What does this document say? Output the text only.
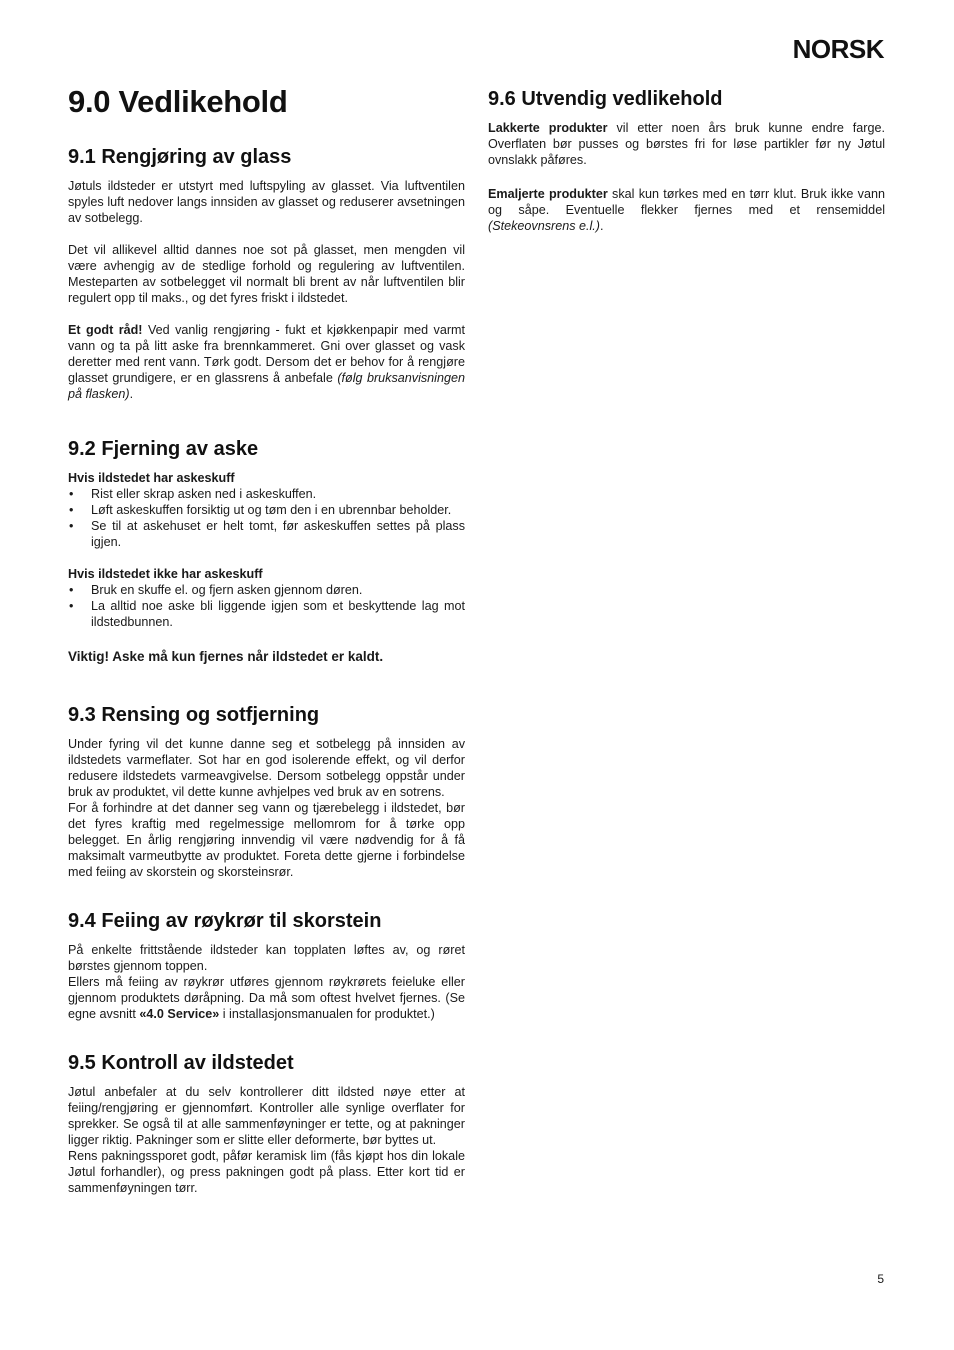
NORSK
9.0 Vedlikehold
9.1 Rengjøring av glass

Jøtuls ildsteder er utstyrt med luftspyling av glasset. Via luftventilen spyles luft nedover langs innsiden av glasset og reduserer avsetningen av sotbelegg.

Det vil allikevel alltid dannes noe sot på glasset, men mengden vil være avhengig av de stedlige forhold og regulering av luftventilen. Mesteparten av sotbelegget vil normalt bli brent av når luftventilen blir regulert opp til maks., og det fyres friskt i ildstedet.

Et godt råd! Ved vanlig rengjøring - fukt et kjøkkenpapir med varmt vann og ta på litt aske fra brennkammeret. Gni over glasset og vask deretter med rent vann. Tørk godt. Dersom det er behov for å rengjøre glasset grundigere, er en glassrens å anbefale (følg bruksanvisningen på flasken).

9.2 Fjerning av aske

Hvis ildstedet har askeskuff

• Rist eller skrap asken ned i askeskuffen.
• Løft askeskuffen forsiktig ut og tøm den i en ubrennbar beholder.
• Se til at askehuset er helt tomt, før askeskuffen settes på plass igjen.

Hvis ildstedet ikke har askeskuff

• Bruk en skuffe el. og fjern asken gjennom døren.
• La alltid noe aske bli liggende igjen som et beskyttende lag mot ildstedbunnen.

Viktig! Aske må kun fjernes når ildstedet er kaldt.

9.3 Rensing og sotfjerning

Under fyring vil det kunne danne seg et sotbelegg på innsiden av ildstedets varmeflater. Sot har en god isolerende effekt, og vil derfor redusere ildstedets varmeavgivelse. Dersom sotbelegg oppstår under bruk av produktet, vil dette kunne avhjelpes ved bruk av en sotrens.

For å forhindre at det danner seg vann og tjærebelegg i ildstedet, bør det fyres kraftig med regelmessige mellomrom for å tørke opp belegget. En årlig rengjøring innvendig vil være nødvendig for å få maksimalt varmeutbytte av produktet. Foreta dette gjerne i forbindelse med feiing av skorstein og skorsteinsrør.

9.4 Feiing av røykrør til skorstein

På enkelte frittstående ildsteder kan topplaten løftes av, og røret børstes gjennom toppen.

Ellers må feiing av røykrør utføres gjennom røykrørets feieluke eller gjennom produktets døråpning. Da må som oftest hvelvet fjernes. (Se egne avsnitt «4.0 Service» i installasjonsmanualen for produktet.)

9.5 Kontroll av ildstedet

Jøtul anbefaler at du selv kontrollerer ditt ildsted nøye etter at feiing/rengjøring er gjennomført. Kontroller alle synlige overflater for sprekker. Se også til at alle sammenføyninger er tette, og at pakninger ligger riktig. Pakninger som er slitte eller deformerte, bør byttes ut.

Rens pakningssporet godt, påfør keramisk lim (fås kjøpt hos din lokale Jøtul forhandler), og press pakningen godt på plass. Etter kort tid er sammenføyningen tørr.

9.6 Utvendig vedlikehold

Lakkerte produkter vil etter noen års bruk kunne endre farge. Overflaten bør pusses og børstes fri for løse partikler før ny Jøtul ovnslakk påføres.

Emaljerte produkter skal kun tørkes med en tørr klut. Bruk ikke vann og såpe. Eventuelle flekker fjernes med et rensemiddel (Stekeovnsrens e.l.).

5
